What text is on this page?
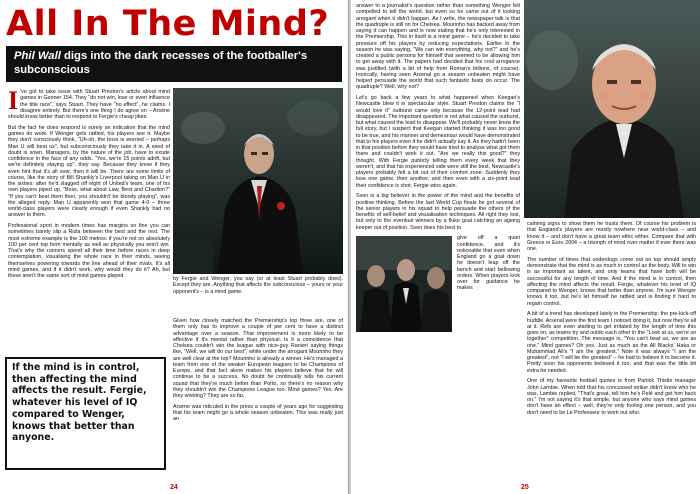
All In The Mind?

Phil Wall digs into the dark recesses of the footballer's subconscious

I 've got to take issue with Stuart Preston's article about mind games in Gooner 154. They "do not win, lose or even influence the title race", says Stuart. They have "no effect", he claims. I disagree entirely. But there's one thing I do agree on – Arsène should know better than to respond to Fergie's cheap jibes.

But the fact he does respond is surely an indication that the mind games do work. If Wenger gets rattled, his players see it. Maybe they don't consciously think, "Uh-oh, the boss is worried – perhaps Man U will beat us", but subconsciously they take it in. A seed of doubt is sown. Managers, by the nature of the job, have to exude confidence in the face of any odds. "Yes, we're 15 points adrift, but we're definitely staying up", they say. Because they know if they even hint that it's all over, then it will be. There are some limits of course, like the story of Bill Shankly's Liverpool taking on Man U in the sixties: after he'd slagged off eight of United's team, one of his own players piped up, "Boss, what about Law, Best and Charlton?" "If you can't beat them then, you shouldn't be bloody playing", was the alleged reply. Man U apparently won that game 4-0 – three world-class players were clearly enough if even Shankly had no answer to them.

Professional sport in modern times has margins so fine you can sometimes barely slip a Rizla between the best and the rest. The most extreme example is the 100 metres: if you're not on absolutely 100 per cent top form mentally as well as physically you won't win. That's why the runners spend all their time before races in deep contemplation, visualising the whole race in their minds, seeing themselves powering towards the line ahead of their rivals. It's all mind games, and if it didn't work, why would they do it? Ah, but these aren't the same sort of mind games played	by Fergie and Wenger, you say (or at least Stuart probably does). Except they are. Anything that affects the subconscious – yours or your opponent's – is a mind game.

Given how closely matched the Premiership's top three are, one of them only has to improve a couple of per cent to have a distinct advantage over a season. That improvement is more likely to be effective if it's mental rather than physical. Is it a coincidence that Chelsea couldn't win the league with nice-guy Ranieri saying things like, "Well, we will do our best", while under the arrogant Mourinho they are well clear at the top? Mourinho is already a winner. He's managed a team from one of the weaker European leagues to be Champions of Europe, and that fact alone makes his players believe that he will continue to be a success. No doubt he continually tells his current squad that they're much better than Porto, so there's no reason why they shouldn't win the Champions League too. Mind games? Yes. Are they working? They are so far.

Arsène was ridiculed in the press a couple of years ago for suggesting that his team might go a whole season unbeaten. This was really just an

If the mind is in control, then affecting the mind affects the result. Fergie, whatever his level of IQ compared to Wenger, knows that better than anyone.

24

answer to a journalist's question rather than something Wenger felt compelled to tell the world, but even so he came out of it looking arrogant when it didn't happen. As I write, the newspaper talk is that the quadruple is still on for Chelsea. Mourinho has backed away from saying it can happen and is now stating that he's only interested in the Premiership. This in itself is a mind game – he's decided to take pressure off his players by reducing expectations. Earlier in the season he was saying, "We can win everything, why not?" and he's created a public persona for himself that seemed to be allowing him to get away with it. The papers had decided that his cool arrogance was justified (with a bit of help from Roman's billions, of course). Ironically, having seen Arsenal go a season unbeaten might have helped persuade the world that such fantastic feats do occur. The quadruple? Well, why not?

Let's go back a few years to what happened when Keegan's Newcastle blew it in spectacular style. Stuart Preston claims the "I would love it" outburst came only because the 12-point lead had disappeared. The important question is not what caused the outburst, but what caused the lead to disappear. We'll probably never know the full story, but I suspect that Keegan started thinking it was too good to be true, and his manner and demeanour would have demonstrated that to his players even if he didn't actually say it. As they hadn't been in that position before they would have tried to analyse what got them there and couldn't work it out. "Are we really this good?" they thought. With Fergie publicly telling them every week that they weren't, and that his experienced side were still the best, Newcastle's players probably felt a bit out of their comfort zone. Suddenly they lose one game, then another, and then even with a six-point lead their confidence is shot. Fergie wins again.

Sven is a big believer in the power of the mind and the benefits of positive thinking. Before the last World Cup finals he got several of the senior players in his squad to help persuade the others of the benefits of self-belief and visualisation techniques. All right they lost, but only to the eventual winners by a fluke goal catching an ageing keeper out of position. Sven does his best to

give off a quiet confidence, and it's noticeable that even when England go a goal down he doesn't leap off the bench and start bellowing orders. When players look over for guidance he makes

calming signs to show them he trusts them. Of course his problem is that England's players are mostly nowhere near world-class – and know it – and don't have a great team ethic either. Compare that with Greece in Euro 2004 – a triumph of mind over matter if ever there was one.

The number of times that underdogs come out on top should amply demonstrate that the mind is as much in control as the body. Will to win is as important as talent, and only teams that have both will be successful for any length of time. And if the mind is in control, then affecting the mind affects the result. Fergie, whatever his level of IQ compared to Wenger, knows that better than anyone. I'm sure Wenger knows it too, but he's let himself be rattled and is finding it hard to regain control.

A bit of a trend has developed lately in the Premiership: the pre-kick-off huddle. Arsenal were the first team I noticed doing it, but now they're all at it. Refs are even starting to get irritated by the length of time this goes on, as teams try and outdo each other in the "Look at us, we're so together" competition. The message is, "You can't beat us, we are as one." Mind games? Oh yes. Just as much as the All Blacks' Haka or Muhammad Ali's "I am the greatest." Note it was always "I am the greatest", not "I will be the greatest" – he had to believe it to become it. Pretty soon his opponents believed it too, and that was the little bit extra he needed.

One of my favourite football quotes is from Partick Thistle manager John Lambie. When told that his concussed striker didn't know who he was, Lambie replied, "That's great, tell him he's Pelé and get him back on." I'm not saying it's that simple, but anyone who says mind games don't have an effect – well, they're only fooling one person, and you don't need to be Le Professeur to work out who.

25
